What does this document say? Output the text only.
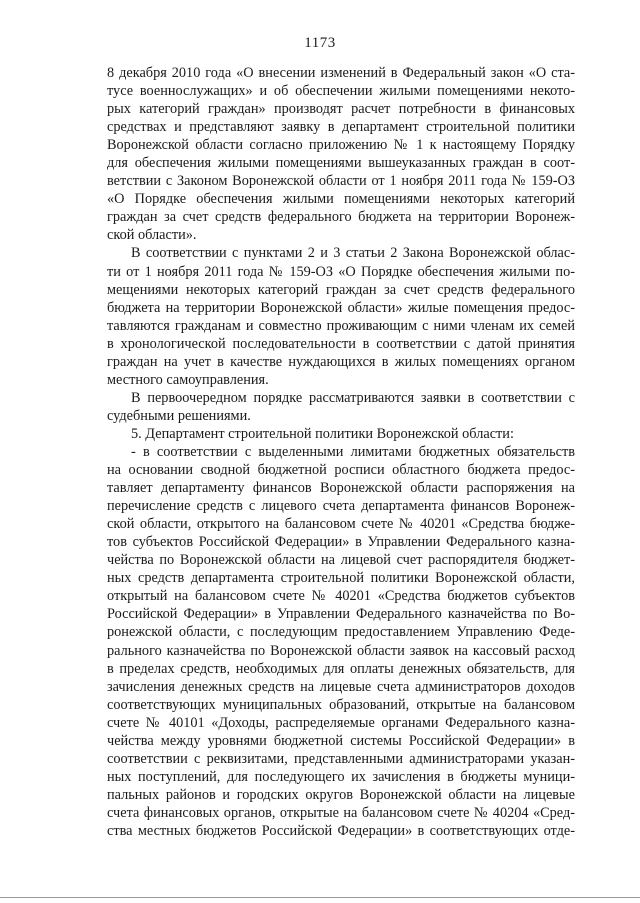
1173
8 декабря 2010 года «О внесении изменений в Федеральный закон «О ста-
тусе военнослужащих» и об обеспечении жилыми помещениями некото-
рых категорий граждан» производят расчет потребности в финансовых
средствах и представляют заявку в департамент строительной политики
Воронежской области согласно приложению № 1 к настоящему Порядку
для обеспечения жилыми помещениями вышеуказанных граждан в соот-
ветствии с Законом Воронежской области от 1 ноября 2011 года № 159-ОЗ
«О Порядке обеспечения жилыми помещениями некоторых категорий
граждан за счет средств федерального бюджета на территории Воронеж-
ской области».
В соответствии с пунктами 2 и 3 статьи 2 Закона Воронежской облас-
ти от 1 ноября 2011 года № 159-ОЗ «О Порядке обеспечения жилыми по-
мещениями некоторых категорий граждан за счет средств федерального
бюджета на территории Воронежской области» жилые помещения предос-
тавляются гражданам и совместно проживающим с ними членам их семей
в хронологической последовательности в соответствии с датой принятия
граждан на учет в качестве нуждающихся в жилых помещениях органом
местного самоуправления.
В первоочередном порядке рассматриваются заявки в соответствии с
судебными решениями.
5. Департамент строительной политики Воронежской области:
- в соответствии с выделенными лимитами бюджетных обязательств
на основании сводной бюджетной росписи областного бюджета предос-
тавляет департаменту финансов Воронежской области распоряжения на
перечисление средств с лицевого счета департамента финансов Воронеж-
ской области, открытого на балансовом счете № 40201 «Средства бюдже-
тов субъектов Российской Федерации» в Управлении Федерального казна-
чейства по Воронежской области на лицевой счет распорядителя бюджет-
ных средств департамента строительной политики Воронежской области,
открытый на балансовом счете № 40201 «Средства бюджетов субъектов
Российской Федерации» в Управлении Федерального казначейства по Во-
ронежской области, с последующим предоставлением Управлению Феде-
рального казначейства по Воронежской области заявок на кассовый расход
в пределах средств, необходимых для оплаты денежных обязательств, для
зачисления денежных средств на лицевые счета администраторов доходов
соответствующих муниципальных образований, открытые на балансовом
счете № 40101 «Доходы, распределяемые органами Федерального казна-
чейства между уровнями бюджетной системы Российской Федерации» в
соответствии с реквизитами, представленными администраторами указан-
ных поступлений, для последующего их зачисления в бюджеты муници-
пальных районов и городских округов Воронежской области на лицевые
счета финансовых органов, открытые на балансовом счете № 40204 «Сред-
ства местных бюджетов Российской Федерации» в соответствующих отде-
